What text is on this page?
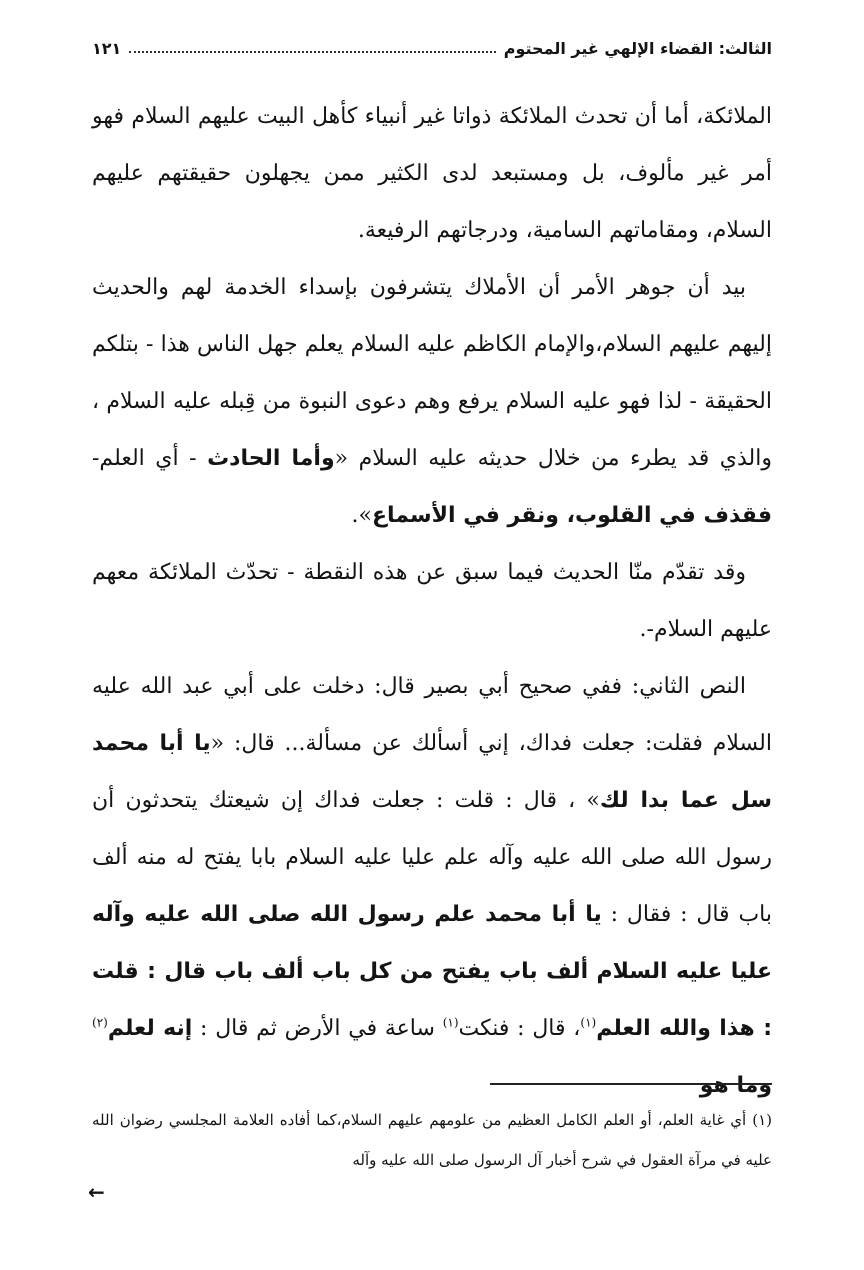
الثالث: القضاء الإلهي غير المحتوم
١٢١

الملائكة، أما أن تحدث الملائكة ذواتا غير أنبياء كأهل البيت عليهم السلام فهو أمر غير مألوف، بل ومستبعد لدى الكثير ممن يجهلون حقيقتهم عليهم السلام، ومقاماتهم السامية، ودرجاتهم الرفيعة.

بيد أن جوهر الأمر أن الأملاك يتشرفون بإسداء الخدمة لهم والحديث إليهم عليهم السلام،والإمام الكاظم عليه السلام يعلم جهل الناس هذا - بتلكم الحقيقة - لذا فهو عليه السلام يرفع وهم دعوى النبوة من قِبله عليه السلام ، والذي قد يطرء من خلال حديثه عليه السلام «وأما الحادث - أي العلم- فقذف في القلوب، ونقر في الأسماع».

وقد تقدّم منّا الحديث فيما سبق عن هذه النقطة - تحدّث الملائكة معهم عليهم السلام-.

النص الثاني: ففي صحيح أبي بصير قال: دخلت على أبي عبد الله عليه السلام فقلت: جعلت فداك، إني أسألك عن مسألة... قال: «يا أبا محمد سل عما بدا لك» ، قال : قلت : جعلت فداك إن شيعتك يتحدثون أن رسول الله صلى الله عليه وآله علم عليا عليه السلام بابا يفتح له منه ألف باب قال : فقال : يا أبا محمد علم رسول الله صلى الله عليه وآله عليا عليه السلام ألف باب يفتح من كل باب ألف باب قال : قلت : هذا والله العلم$^{(١)}$، قال : فنكت$^{(١)}$ ساعة في الأرض ثم قال : إنه لعلم$^{(٢)}$ وما هو

(١) أي غاية العلم، أو العلم الكامل العظيم من علومهم عليهم السلام،كما أفاده العلامة المجلسي رضوان الله عليه في مرآة العقول في شرح أخبار آل الرسول صلى الله عليه وآله

←
